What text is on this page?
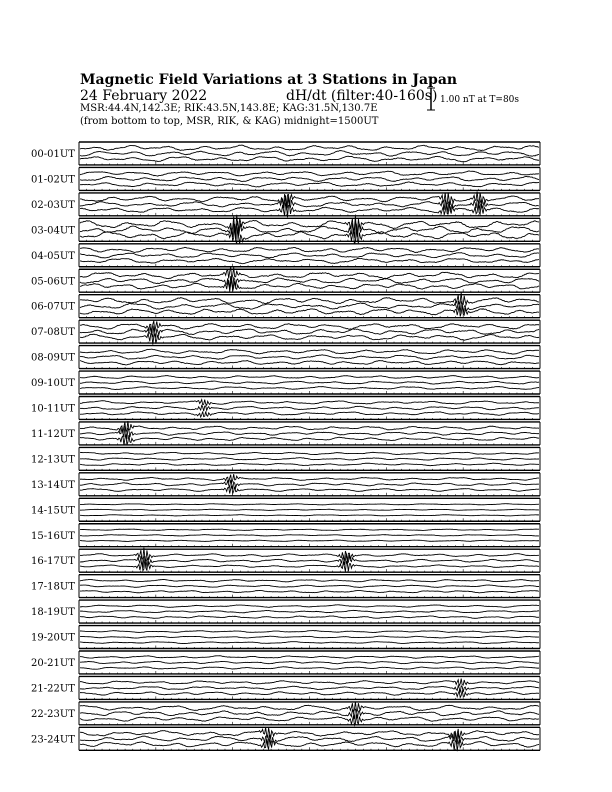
Magnetic Field Variations at 3 Stations in Japan
24 February 2022	dH/dt (filter:40-160s)
MSR:44.4N,142.3E; RIK:43.5N,143.8E; KAG:31.5N,130.7E
(from bottom to top, MSR, RIK, & KAG) midnight=1500UT
1.00 nT at T=80s
00-01UT
01-02UT
02-03UT
03-04UT
04-05UT
05-06UT
06-07UT
07-08UT
08-09UT
09-10UT
10-11UT
11-12UT
12-13UT
13-14UT
14-15UT
15-16UT
16-17UT
17-18UT
18-19UT
19-20UT
20-21UT
21-22UT
22-23UT
23-24UT
